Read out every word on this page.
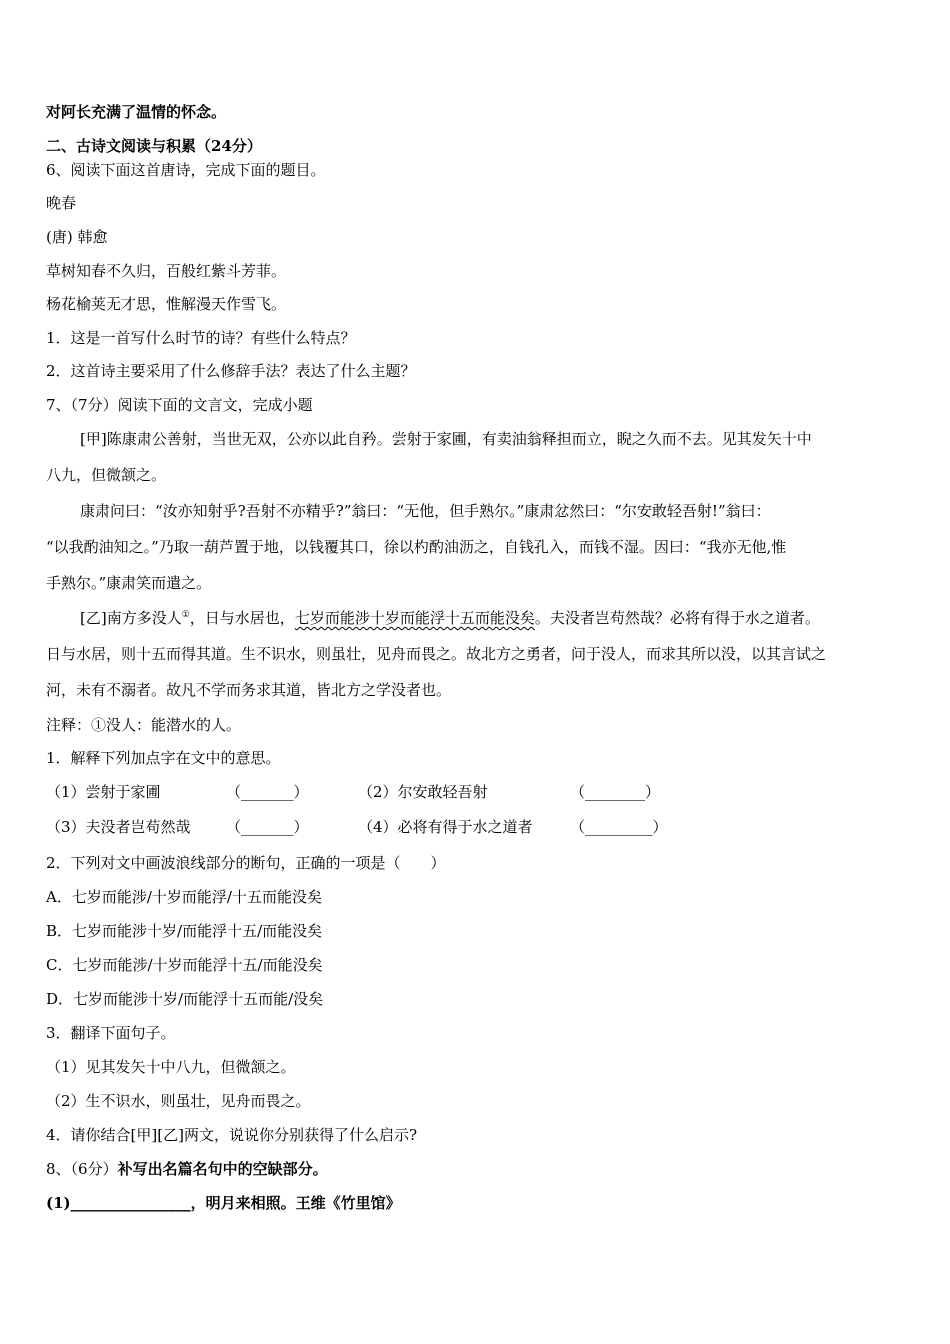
对阿长充满了温情的怀念。
二、古诗文阅读与积累（24分）
6、阅读下面这首唐诗，完成下面的题目。
晚春
(唐) 韩愈
草树知春不久归，百般红紫斗芳菲。
杨花榆荚无才思，惟解漫天作雪飞。
1．这是一首写什么时节的诗？有些什么特点？
2．这首诗主要采用了什么修辞手法？表达了什么主题？
7、（7分）阅读下面的文言文，完成小题
[甲]陈康肃公善射，当世无双，公亦以此自矜。尝射于家圃，有卖油翁释担而立，睨之久而不去。见其发矢十中
八九，但微颔之。
康肃问曰：“汝亦知射乎?吾射不亦精乎?”翁曰：“无他，但手熟尔。”康肃忿然曰：“尔安敢轻吾射!”翁曰：
“以我酌油知之。”乃取一葫芦置于地，以钱覆其口，徐以杓酌油沥之，自钱孔入，而钱不湿。因曰：“我亦无他,惟
手熟尔。”康肃笑而遣之。
[乙]南方多没人①，日与水居也，七岁而能涉十岁而能浮十五而能没矣。夫没者岂苟然哉？必将有得于水之道者。
日与水居，则十五而得其道。生不识水，则虽壮，见舟而畏之。故北方之勇者，问于没人，而求其所以没，以其言试之
河，未有不溺者。故凡不学而务求其道，皆北方之学没者也。
注释：①没人：能潜水的人。
1．解释下列加点字在文中的意思。
（1）尝射于家圃	（_______）	（2）尔安敢轻吾射	（________）
（3）夫没者岂苟然哉 （_______）	（4）必将有得于水之道者 （_________）
2．下列对文中画波浪线部分的断句，正确的一项是（　　）
A．七岁而能涉/十岁而能浮/十五而能没矣
B．七岁而能涉十岁/而能浮十五/而能没矣
C．七岁而能涉/十岁而能浮十五/而能没矣
D．七岁而能涉十岁/而能浮十五而能/没矣
3．翻译下面句子。
（1）见其发矢十中八九，但微颔之。
（2）生不识水，则虽壮，见舟而畏之。
4．请你结合[甲][乙]两文，说说你分别获得了什么启示?
8、（6分）补写出名篇名句中的空缺部分。
(1)________________，明月来相照。王维《竹里馆》
